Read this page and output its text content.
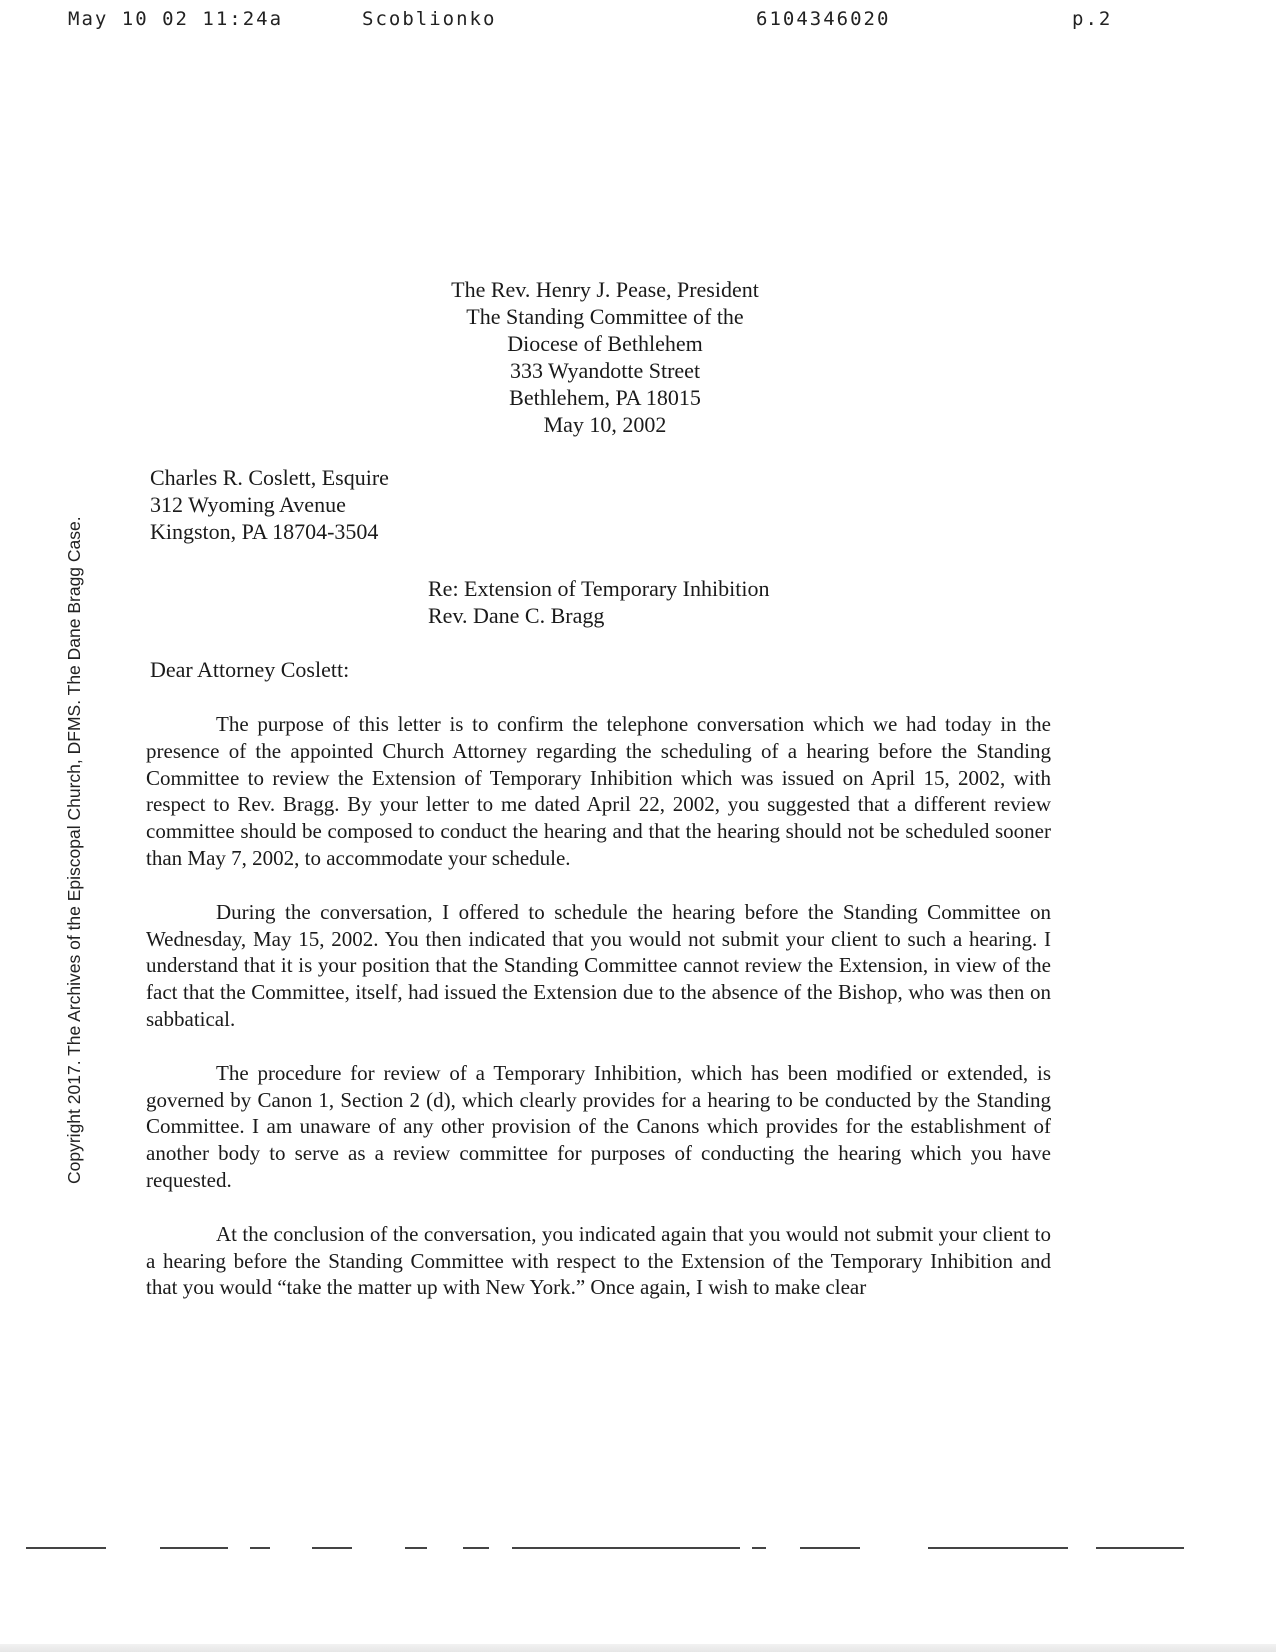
May 10 02 11:24a	Scoblionko	6104346020	p.2
Copyright 2017. The Archives of the Episcopal Church, DFMS. The Dane Bragg Case.
The Rev. Henry J. Pease, President
The Standing Committee of the
Diocese of Bethlehem
333 Wyandotte Street
Bethlehem, PA 18015
May 10, 2002
Charles R. Coslett, Esquire
312 Wyoming Avenue
Kingston, PA 18704-3504
Re: Extension of Temporary Inhibition
Rev. Dane C. Bragg
Dear Attorney Coslett:

The purpose of this letter is to confirm the telephone conversation which we had today in the presence of the appointed Church Attorney regarding the scheduling of a hearing before the Standing Committee to review the Extension of Temporary Inhibition which was issued on April 15, 2002, with respect to Rev. Bragg. By your letter to me dated April 22, 2002, you suggested that a different review committee should be composed to conduct the hearing and that the hearing should not be scheduled sooner than May 7, 2002, to accommodate your schedule.

During the conversation, I offered to schedule the hearing before the Standing Committee on Wednesday, May 15, 2002. You then indicated that you would not submit your client to such a hearing. I understand that it is your position that the Standing Committee cannot review the Extension, in view of the fact that the Committee, itself, had issued the Extension due to the absence of the Bishop, who was then on sabbatical.

The procedure for review of a Temporary Inhibition, which has been modified or extended, is governed by Canon 1, Section 2 (d), which clearly provides for a hearing to be conducted by the Standing Committee. I am unaware of any other provision of the Canons which provides for the establishment of another body to serve as a review committee for purposes of conducting the hearing which you have requested.

At the conclusion of the conversation, you indicated again that you would not submit your client to a hearing before the Standing Committee with respect to the Extension of the Temporary Inhibition and that you would “take the matter up with New York.” Once again, I wish to make clear
